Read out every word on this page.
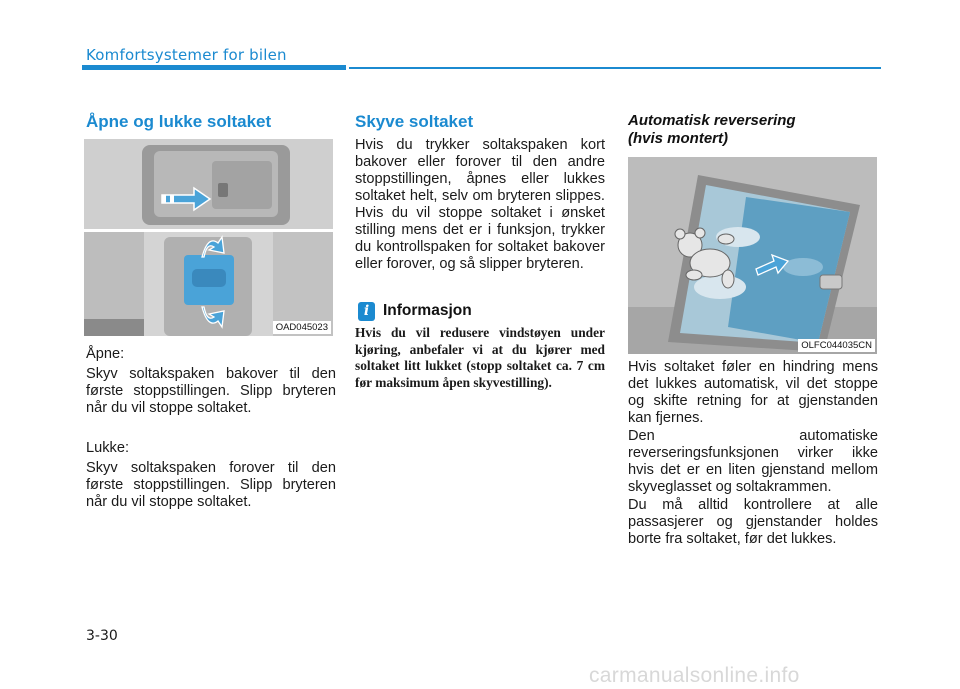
Komfortsystemer for bilen
Åpne og lukke soltaket
OAD045023

Åpne:

Skyv soltakspaken bakover til den første stoppstillingen. Slipp bryteren når du vil stoppe soltaket.

Lukke:

Skyv soltakspaken forover til den første stoppstillingen. Slipp bryteren når du vil stoppe soltaket.

Skyve soltaket

Hvis du trykker soltakspaken kort bakover eller forover til den andre stoppstillingen, åpnes eller lukkes soltaket helt, selv om bryteren slippes. Hvis du vil stoppe soltaket i ønsket stilling mens det er i funksjon, trykker du kontrollspaken for soltaket bakover eller forover, og så slipper bryteren.

i Informasjon

Hvis du vil redusere vindstøyen under kjøring, anbefaler vi at du kjører med soltaket litt lukket (stopp soltaket ca. 7 cm før maksimum åpen skyvestilling).

Automatisk reversering
(hvis montert)
OLFC044035CN

Hvis soltaket føler en hindring mens det lukkes automatisk, vil det stoppe og skifte retning for at gjenstanden kan fjernes.

Den automatiske reverseringsfunksjonen virker ikke hvis det er en liten gjenstand mellom skyveglasset og soltakrammen.

Du må alltid kontrollere at alle passasjerer og gjenstander holdes borte fra soltaket, før det lukkes.

3-30
carmanualsonline.info
